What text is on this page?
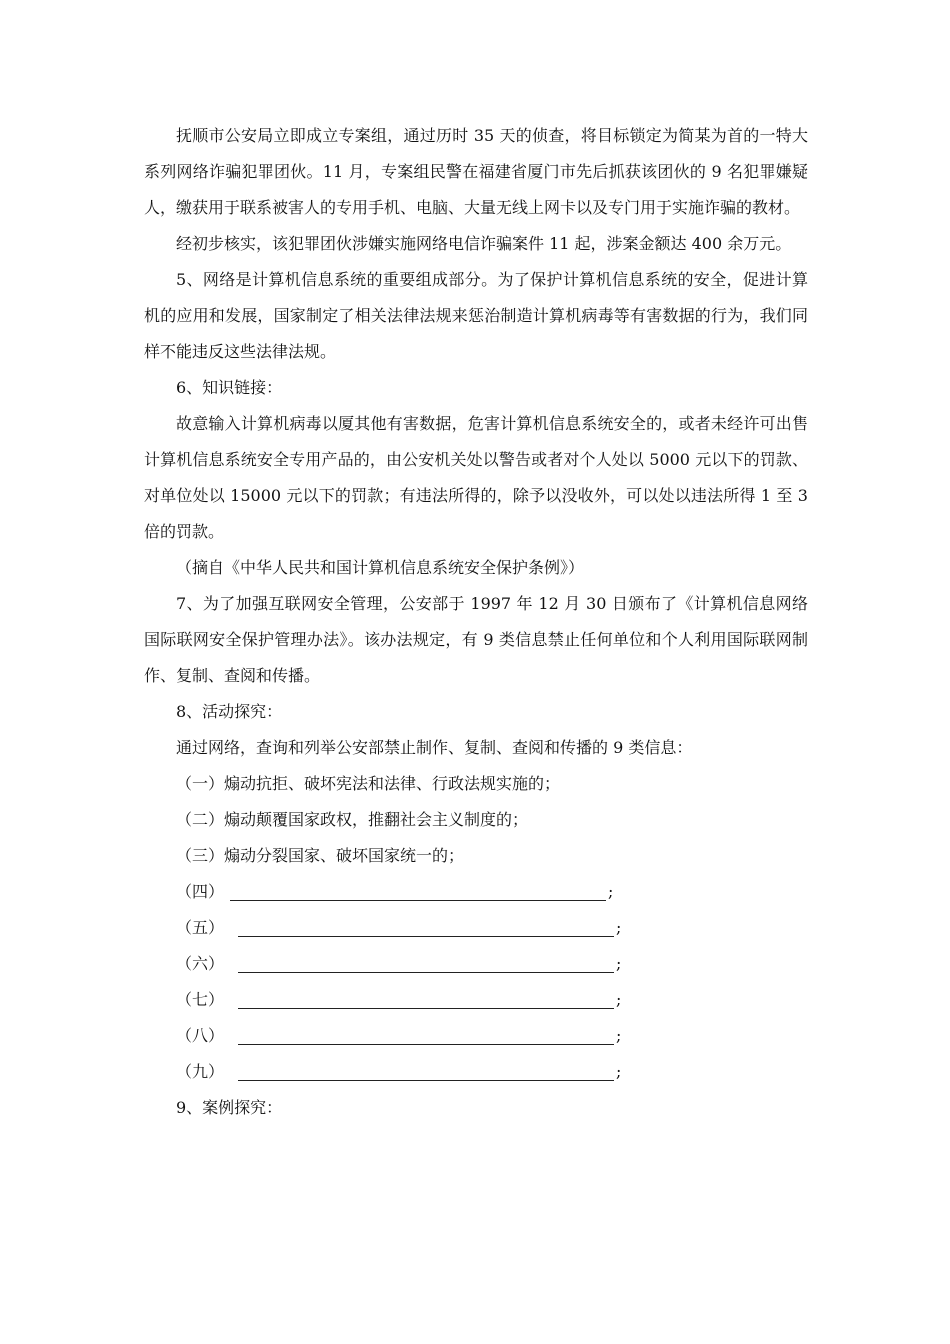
抚顺市公安局立即成立专案组，通过历时 35 天的侦查，将目标锁定为简某为首的一特大系列网络诈骗犯罪团伙。11 月，专案组民警在福建省厦门市先后抓获该团伙的 9 名犯罪嫌疑人，缴获用于联系被害人的专用手机、电脑、大量无线上网卡以及专门用于实施诈骗的教材。

经初步核实，该犯罪团伙涉嫌实施网络电信诈骗案件 11 起，涉案金额达 400 余万元。

5、网络是计算机信息系统的重要组成部分。为了保护计算机信息系统的安全，促进计算机的应用和发展，国家制定了相关法律法规来惩治制造计算机病毒等有害数据的行为，我们同样不能违反这些法律法规。

6、知识链接：

故意输入计算机病毒以厦其他有害数据，危害计算机信息系统安全的，或者未经许可出售计算机信息系统安全专用产品的，由公安机关处以警告或者对个人处以 5000 元以下的罚款、对单位处以 15000 元以下的罚款；有违法所得的，除予以没收外，可以处以违法所得 1 至 3 倍的罚款。

（摘自《中华人民共和国计算机信息系统安全保护条例》）

7、为了加强互联网安全管理，公安部于 1997 年 12 月 30 日颁布了《计算机信息网络国际联网安全保护管理办法》。该办法规定，有 9 类信息禁止任何单位和个人利用国际联网制作、复制、查阅和传播。

8、活动探究：

通过网络，查询和列举公安部禁止制作、复制、查阅和传播的 9 类信息：

（一）煽动抗拒、破坏宪法和法律、行政法规实施的；

（二）煽动颠覆国家政权，推翻社会主义制度的；

（三）煽动分裂国家、破坏国家统一的；

（四）	;
（五）	;
（六）	;
（七）	;
（八）	;
（九）	;

9、案例探究：
